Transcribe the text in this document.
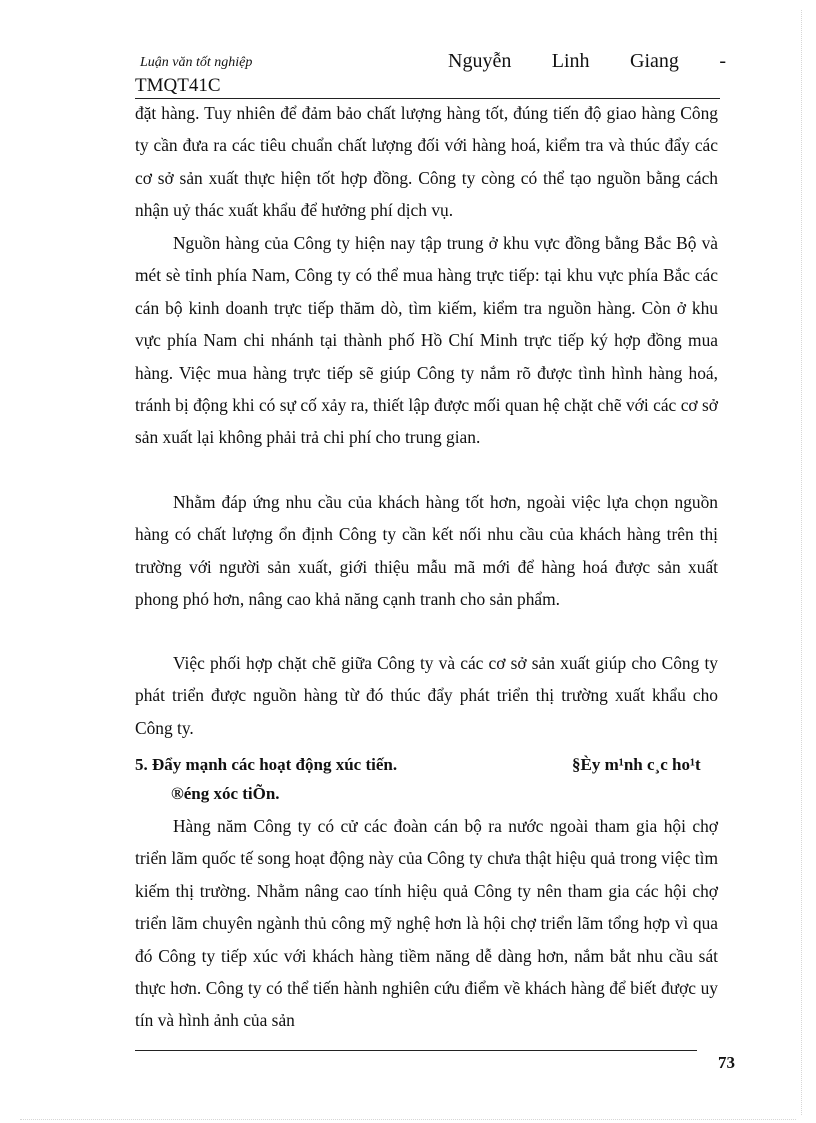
Luận văn tốt nghiệp	Nguyễn Linh Giang -
TMQT41C

đặt hàng. Tuy nhiên để đảm bảo chất lượng hàng tốt, đúng tiến độ giao hàng Công ty cần đưa ra các tiêu chuẩn chất lượng đối với hàng hoá, kiểm tra và thúc đẩy các cơ sở sản xuất thực hiện tốt hợp đồng. Công ty còng có thể tạo nguồn bằng cách nhận uỷ thác xuất khẩu để hưởng phí dịch vụ.

Nguồn hàng của Công ty hiện nay tập trung ở khu vực đồng bằng Bắc Bộ và mét sè tỉnh phía Nam, Công ty có thể mua hàng trực tiếp: tại khu vực phía Bắc các cán bộ kinh doanh trực tiếp thăm dò, tìm kiếm, kiểm tra nguồn hàng. Còn ở khu vực phía Nam chi nhánh tại thành phố Hồ Chí Minh trực tiếp ký hợp đồng mua hàng. Việc mua hàng trực tiếp sẽ giúp Công ty nắm rõ được tình hình hàng hoá, tránh bị động khi có sự cố xảy ra, thiết lập được mối quan hệ chặt chẽ với các cơ sở sản xuất lại không phải trả chi phí cho trung gian.

Nhằm đáp ứng nhu cầu của khách hàng tốt hơn, ngoài việc lựa chọn nguồn hàng có chất lượng ổn định Công ty cần kết nối nhu cầu của khách hàng trên thị trường với người sản xuất, giới thiệu mẫu mã mới để hàng hoá được sản xuất phong phó hơn, nâng cao khả năng cạnh tranh cho sản phẩm.

Việc phối hợp chặt chẽ giữa Công ty và các cơ sở sản xuất giúp cho Công ty phát triển được nguồn hàng từ đó thúc đẩy phát triển thị trường xuất khẩu cho Công ty.

5. Đẩy mạnh các hoạt động xúc tiến.	§Èy m¹nh c¸c ho¹t
®éng xóc tiÕn.

Hàng năm Công ty có cử các đoàn cán bộ ra nước ngoài tham gia hội chợ triển lãm quốc tế song hoạt động này của Công ty chưa thật hiệu quả trong việc tìm kiếm thị trường. Nhằm nâng cao tính hiệu quả Công ty nên tham gia các hội chợ triển lãm chuyên ngành thủ công mỹ nghệ hơn là hội chợ triển lãm tổng hợp vì qua đó Công ty tiếp xúc với khách hàng tiềm năng dễ dàng hơn, nắm bắt nhu cầu sát thực hơn. Công ty có thể tiến hành nghiên cứu điểm về khách hàng để biết được uy tín và hình ảnh của sản

73
